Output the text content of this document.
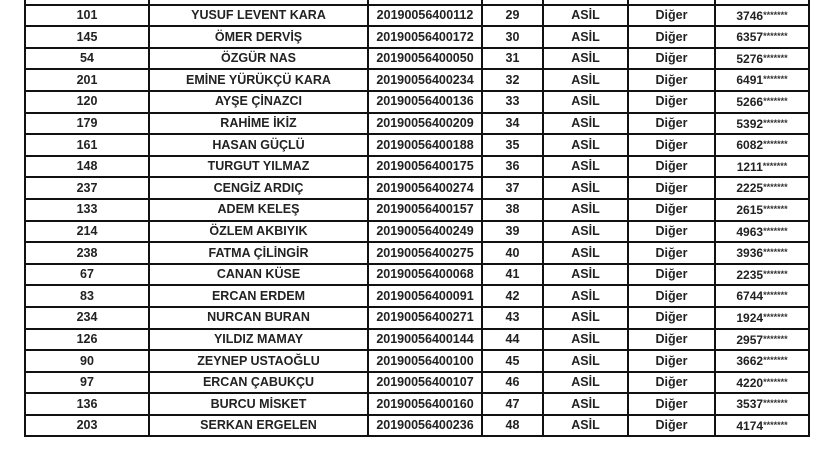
101	YUSUF LEVENT KARA	20190056400112	29	ASİL	Diğer	3746*******
145	ÖMER DERVİŞ	20190056400172	30	ASİL	Diğer	6357*******
54	ÖZGÜR NAS	20190056400050	31	ASİL	Diğer	5276*******
201	EMİNE YÜRÜKÇÜ KARA	20190056400234	32	ASİL	Diğer	6491*******
120	AYŞE ÇİNAZCI	20190056400136	33	ASİL	Diğer	5266*******
179	RAHİME İKİZ	20190056400209	34	ASİL	Diğer	5392*******
161	HASAN GÜÇLÜ	20190056400188	35	ASİL	Diğer	6082*******
148	TURGUT YILMAZ	20190056400175	36	ASİL	Diğer	1211*******
237	CENGİZ ARDIÇ	20190056400274	37	ASİL	Diğer	2225*******
133	ADEM KELEŞ	20190056400157	38	ASİL	Diğer	2615*******
214	ÖZLEM AKBIYIK	20190056400249	39	ASİL	Diğer	4963*******
238	FATMA ÇİLİNGİR	20190056400275	40	ASİL	Diğer	3936*******
67	CANAN KÜSE	20190056400068	41	ASİL	Diğer	2235*******
83	ERCAN ERDEM	20190056400091	42	ASİL	Diğer	6744*******
234	NURCAN BURAN	20190056400271	43	ASİL	Diğer	1924*******
126	YILDIZ MAMAY	20190056400144	44	ASİL	Diğer	2957*******
90	ZEYNEP USTAOĞLU	20190056400100	45	ASİL	Diğer	3662*******
97	ERCAN ÇABUKÇU	20190056400107	46	ASİL	Diğer	4220*******
136	BURCU MİSKET	20190056400160	47	ASİL	Diğer	3537*******
203	SERKAN ERGELEN	20190056400236	48	ASİL	Diğer	4174*******
